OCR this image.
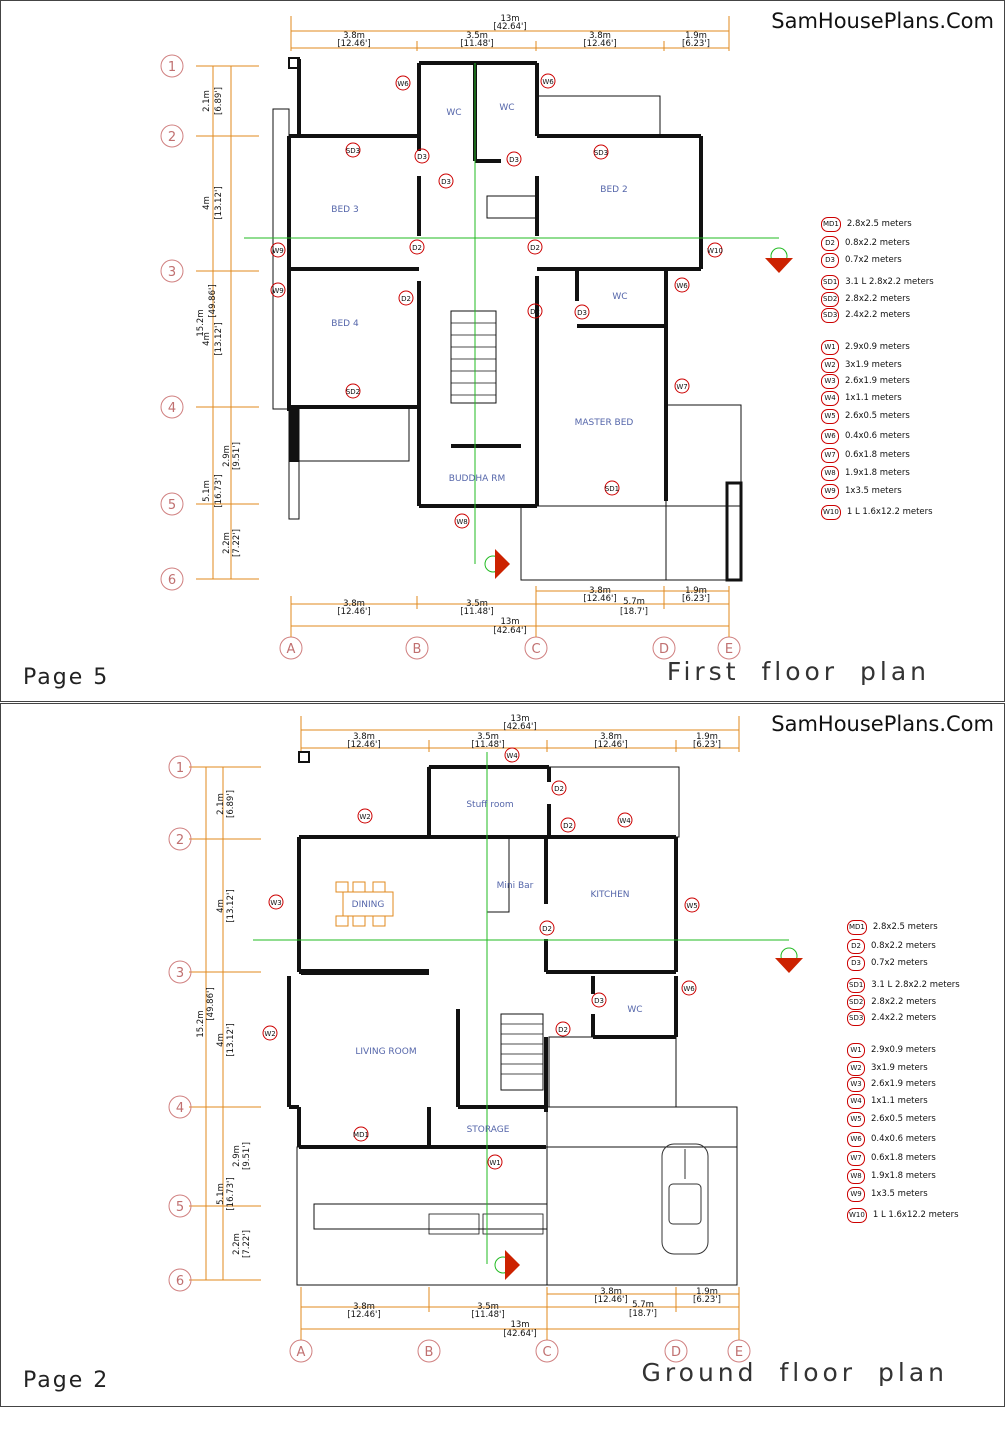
SamHousePlans.Com
Page 5	First floor plan
13m
[42.64']
3.8m
[12.46']
3.5m
[11.48']
3.8m
[12.46']
1.9m
[6.23']
2.1m [6.89']
4m [13.12']
4m [13.12']
15.2m
[49.86']
2.9m [9.51']
5.1m [16.73']
2.2m [7.22']
1
2
3
4
5
6
A	B	C	D	E
3.8m
[12.46']
1.9m
[6.23']
5.7m
[18.7']
3.8m
[12.46']
3.5m
[11.48']
13m
[42.64']
BED 3
BED 4
BED 2
WC	WC
WC
MASTER BED
BUDDHA RM
SD3	SD3
SD2
SD1
W9
W9
W6	W6
W10
W6
W7
W8
D3
D3
D3
D2	D2
D2
D2	D3
MD1 2.8x2.5 meters
D2 0.8x2.2 meters
D3 0.7x2 meters
SD1 3.1 L 2.8x2.2 meters
SD2 2.8x2.2 meters
SD3 2.4x2.2 meters
W1 2.9x0.9 meters
W2 3x1.9 meters
W3 2.6x1.9 meters
W4 1x1.1 meters
W5 2.6x0.5 meters
W6 0.4x0.6 meters
W7 0.6x1.8 meters
W8 1.9x1.8 meters
W9 1x3.5 meters
W10 1 L 1.6x12.2 meters
SamHousePlans.Com
Page 2	Ground floor plan
13m
[42.64']
3.8m
[12.46']
3.5m
[11.48']
3.8m
[12.46']
1.9m
[6.23']
2.1m [6.89']
4m [13.12']
15.2m
[49.86']
4m [13.12']
2.9m [9.51']
5.1m [16.73']
2.2m [7.22']
1
2
3
4
5
6
A	B	C	D	E
3.8m
[12.46']
1.9m
[6.23']
5.7m
[18.7']
3.8m
[12.46']
3.5m
[11.48']
13m
[42.64']
Stuff room
DINING
Mini Bar
KITCHEN
LIVING ROOM
STORAGE
WC
W2
W3
W2
MD1
W1
W4
W4
W5
W6
D2
D2
D2
D3
D2
MD1 2.8x2.5 meters
D2 0.8x2.2 meters
D3 0.7x2 meters
SD1 3.1 L 2.8x2.2 meters
SD2 2.8x2.2 meters
SD3 2.4x2.2 meters
W1 2.9x0.9 meters
W2 3x1.9 meters
W3 2.6x1.9 meters
W4 1x1.1 meters
W5 2.6x0.5 meters
W6 0.4x0.6 meters
W7 0.6x1.8 meters
W8 1.9x1.8 meters
W9 1x3.5 meters
W10 1 L 1.6x12.2 meters
